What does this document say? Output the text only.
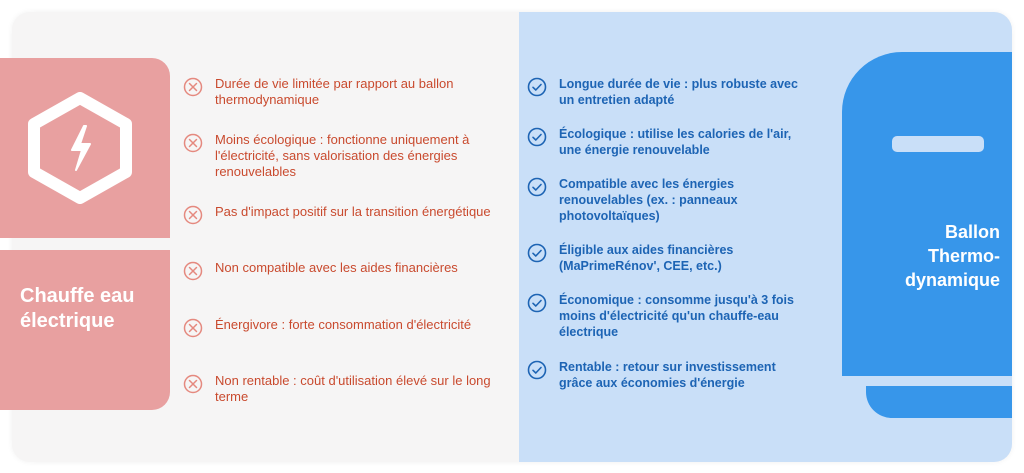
Chauffe eau électrique
Durée de vie limitée par rapport au ballon thermodynamique
Moins écologique : fonctionne uniquement à l'électricité, sans valorisation des énergies renouvelables
Pas d'impact positif sur la transition énergétique
Non compatible avec les aides financières
Énergivore : forte consommation d'électricité
Non rentable : coût d'utilisation élevé sur le long terme
Longue durée de vie : plus robuste avec un entretien adapté
Écologique : utilise les calories de l'air, une énergie renouvelable
Compatible avec les énergies renouvelables (ex. : panneaux photovoltaïques)
Éligible aux aides financières (MaPrimeRénov', CEE, etc.)
Économique : consomme jusqu'à 3 fois moins d'électricité qu'un chauffe-eau électrique
Rentable : retour sur investissement grâce aux économies d'énergie
Ballon Thermo- dynamique
